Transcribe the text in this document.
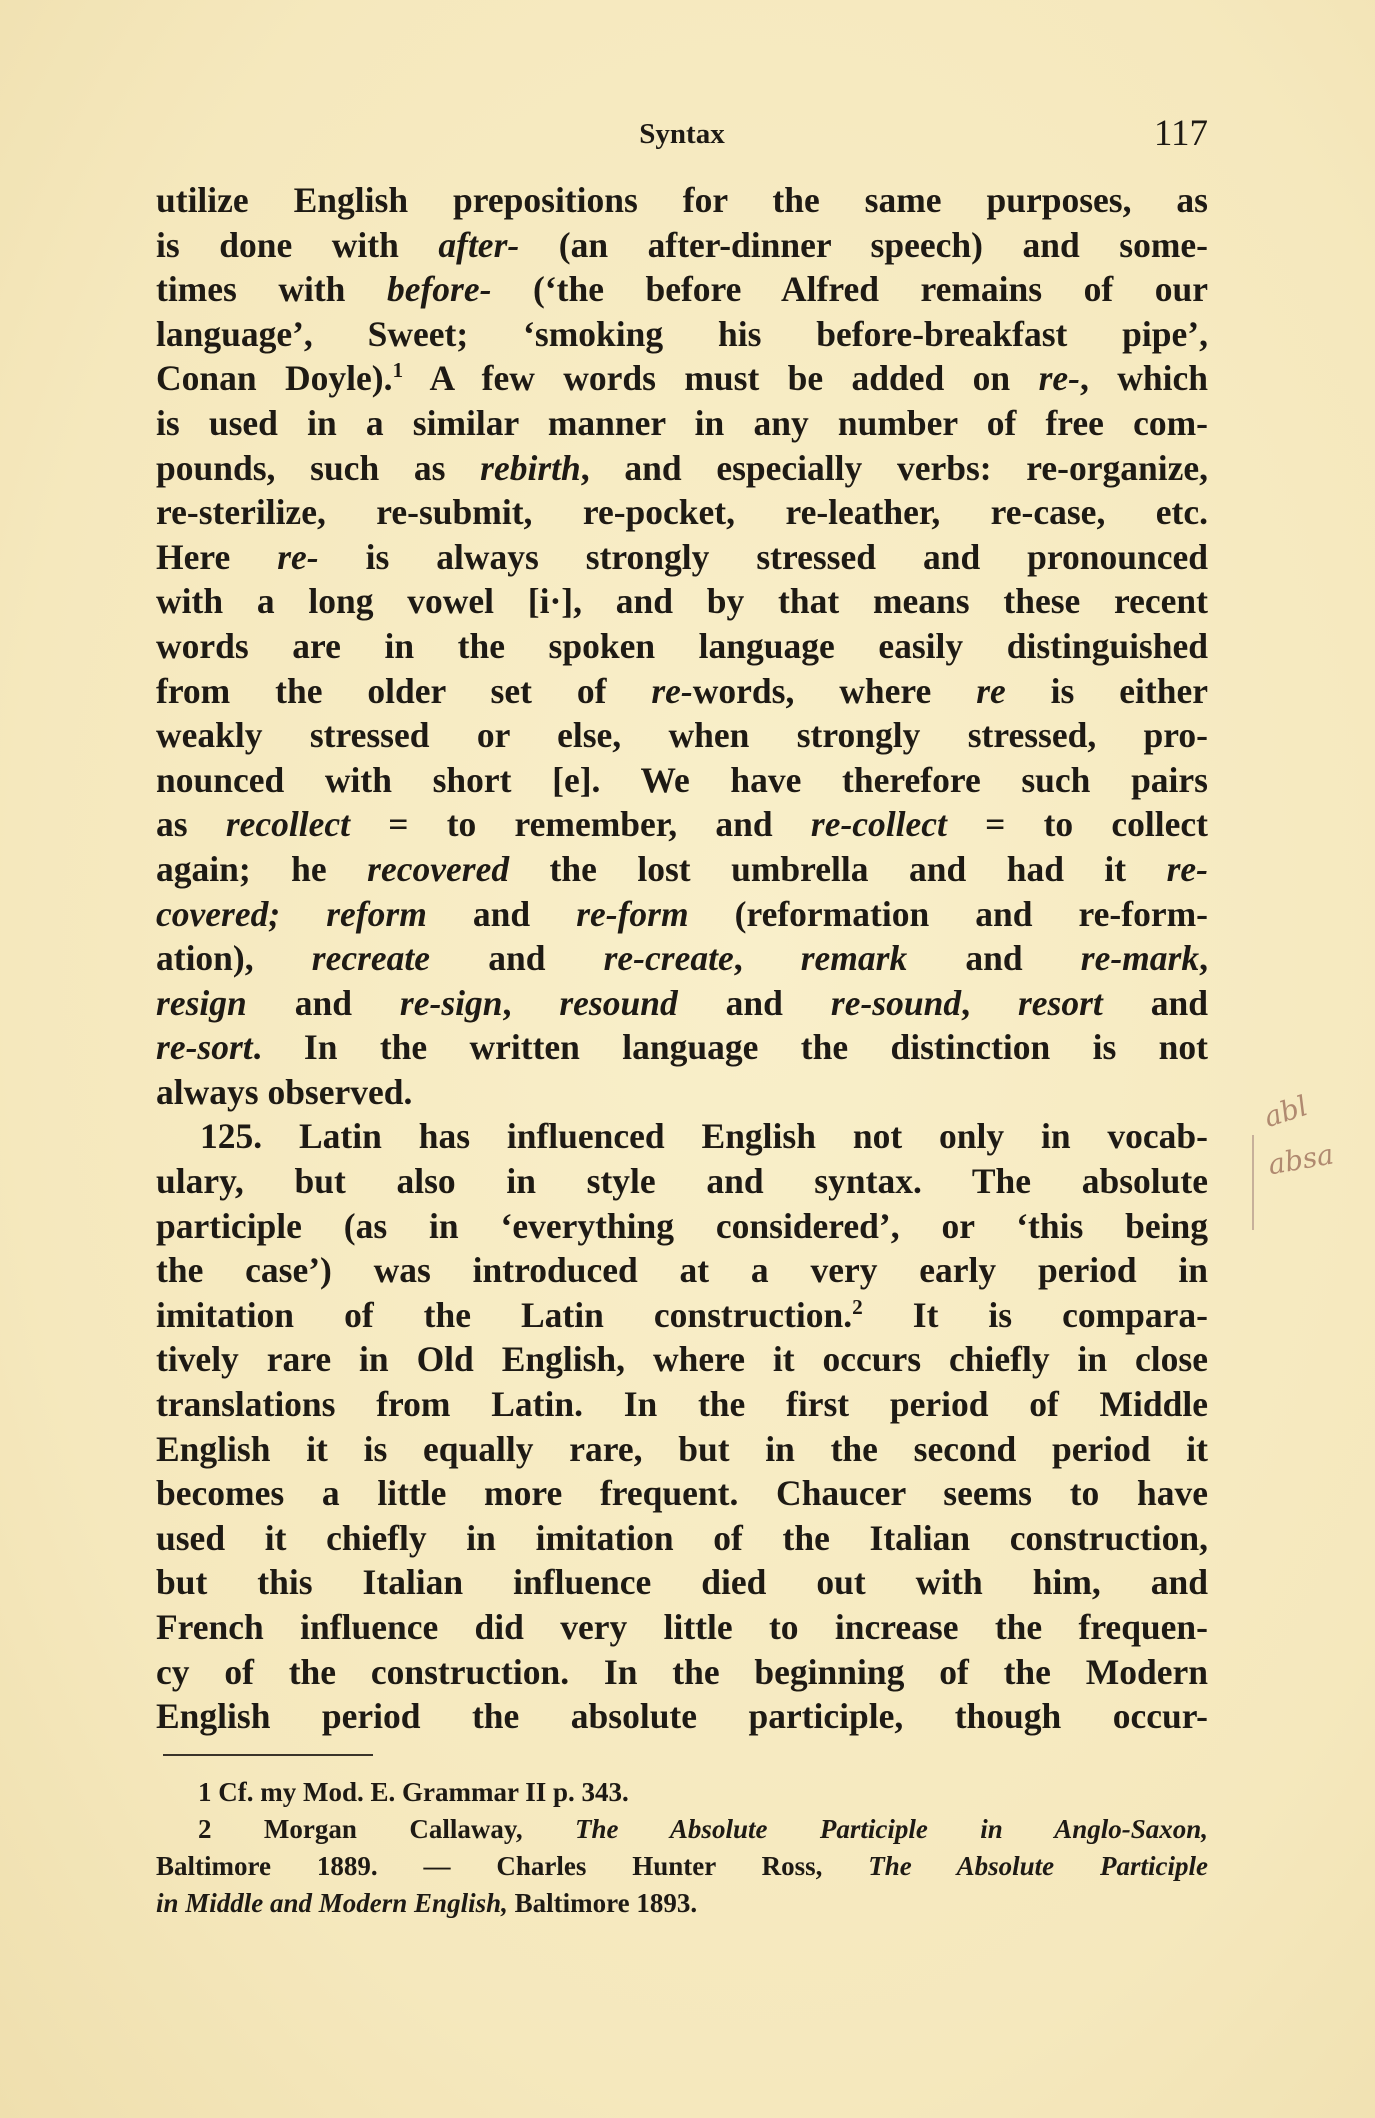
Syntax	117
utilize English prepositions for the same purposes, as
is done with after- (an after-dinner speech) and some-
times with before- (‘the before Alfred remains of our
language’, Sweet; ‘smoking his before-breakfast pipe’,
Conan Doyle).$^1$ A few words must be added on re-, which
is used in a similar manner in any number of free com-
pounds, such as rebirth, and especially verbs: re-organize,
re-sterilize, re-submit, re-pocket, re-leather, re-case, etc.
Here re- is always strongly stressed and pronounced
with a long vowel [i·], and by that means these recent
words are in the spoken language easily distinguished
from the older set of re-words, where re is either
weakly stressed or else, when strongly stressed, pro-
nounced with short [e]. We have therefore such pairs
as recollect = to remember, and re-collect = to collect
again; he recovered the lost umbrella and had it re-
covered; reform and re-form (reformation and re-form-
ation), recreate and re-create, remark and re-mark,
resign and re-sign, resound and re-sound, resort and
re-sort. In the written language the distinction is not
always observed.
125. Latin has influenced English not only in vocab-
ulary, but also in style and syntax. The absolute
participle (as in ‘everything considered’, or ‘this being
the case’) was introduced at a very early period in
imitation of the Latin construction.$^2$ It is compara-
tively rare in Old English, where it occurs chiefly in close
translations from Latin. In the first period of Middle
English it is equally rare, but in the second period it
becomes a little more frequent. Chaucer seems to have
used it chiefly in imitation of the Italian construction,
but this Italian influence died out with him, and
French influence did very little to increase the frequen-
cy of the construction. In the beginning of the Modern
English period the absolute participle, though occur-
1 Cf. my Mod. E. Grammar II p. 343.
2 Morgan Callaway, The Absolute Participle in Anglo-Saxon,
Baltimore 1889. — Charles Hunter Ross, The Absolute Participle
in Middle and Modern English, Baltimore 1893.
abl
absa
